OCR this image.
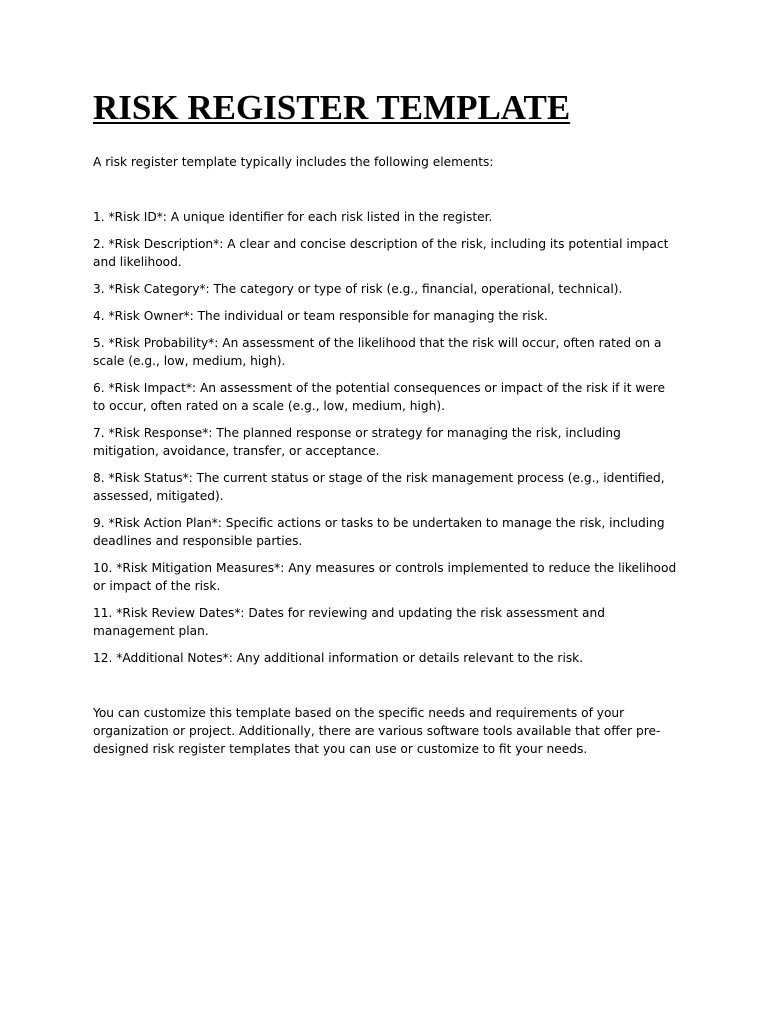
RISK REGISTER TEMPLATE

A risk register template typically includes the following elements:

1. *Risk ID*: A unique identifier for each risk listed in the register.
2. *Risk Description*: A clear and concise description of the risk, including its potential impact and likelihood.
3. *Risk Category*: The category or type of risk (e.g., financial, operational, technical).
4. *Risk Owner*: The individual or team responsible for managing the risk.
5. *Risk Probability*: An assessment of the likelihood that the risk will occur, often rated on a scale (e.g., low, medium, high).
6. *Risk Impact*: An assessment of the potential consequences or impact of the risk if it were to occur, often rated on a scale (e.g., low, medium, high).
7. *Risk Response*: The planned response or strategy for managing the risk, including mitigation, avoidance, transfer, or acceptance.
8. *Risk Status*: The current status or stage of the risk management process (e.g., identified, assessed, mitigated).
9. *Risk Action Plan*: Specific actions or tasks to be undertaken to manage the risk, including deadlines and responsible parties.
10. *Risk Mitigation Measures*: Any measures or controls implemented to reduce the likelihood or impact of the risk.
11. *Risk Review Dates*: Dates for reviewing and updating the risk assessment and management plan.
12. *Additional Notes*: Any additional information or details relevant to the risk.

You can customize this template based on the specific needs and requirements of your organization or project. Additionally, there are various software tools available that offer pre-designed risk register templates that you can use or customize to fit your needs.
